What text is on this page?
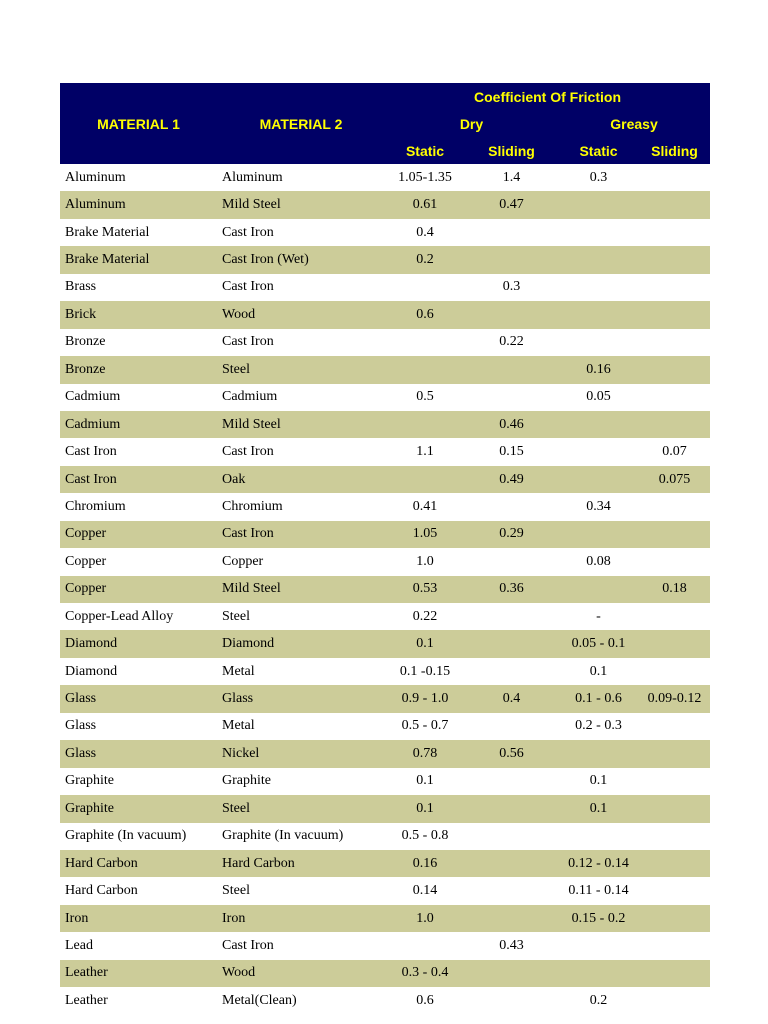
MATERIAL 1	MATERIAL 2	Coefficient Of Friction			
		Dry		Greasy	
		Static	Sliding	Static	Sliding
Aluminum	Aluminum	1.05-1.35	1.4	0.3	
Aluminum	Mild Steel	0.61	0.47		
Brake Material	Cast Iron	0.4			
Brake Material	Cast Iron (Wet)	0.2			
Brass	Cast Iron		0.3		
Brick	Wood	0.6			
Bronze	Cast Iron		0.22		
Bronze	Steel			0.16	
Cadmium	Cadmium	0.5		0.05	
Cadmium	Mild Steel		0.46		
Cast Iron	Cast Iron	1.1	0.15		0.07
Cast Iron	Oak		0.49		0.075
Chromium	Chromium	0.41		0.34	
Copper	Cast Iron	1.05	0.29		
Copper	Copper	1.0		0.08	
Copper	Mild Steel	0.53	0.36		0.18
Copper-Lead Alloy	Steel	0.22		-	
Diamond	Diamond	0.1		0.05 - 0.1	
Diamond	Metal	0.1 -0.15		0.1	
Glass	Glass	0.9 - 1.0	0.4	0.1 - 0.6	0.09-0.12
Glass	Metal	0.5 - 0.7		0.2 - 0.3	
Glass	Nickel	0.78	0.56		
Graphite	Graphite	0.1		0.1	
Graphite	Steel	0.1		0.1	
Graphite (In vacuum)	Graphite (In vacuum)	0.5 - 0.8			
Hard Carbon	Hard Carbon	0.16		0.12 - 0.14	
Hard Carbon	Steel	0.14		0.11 - 0.14	
Iron	Iron	1.0		0.15 - 0.2	
Lead	Cast Iron		0.43		
Leather	Wood	0.3 - 0.4			
Leather	Metal(Clean)	0.6		0.2	
